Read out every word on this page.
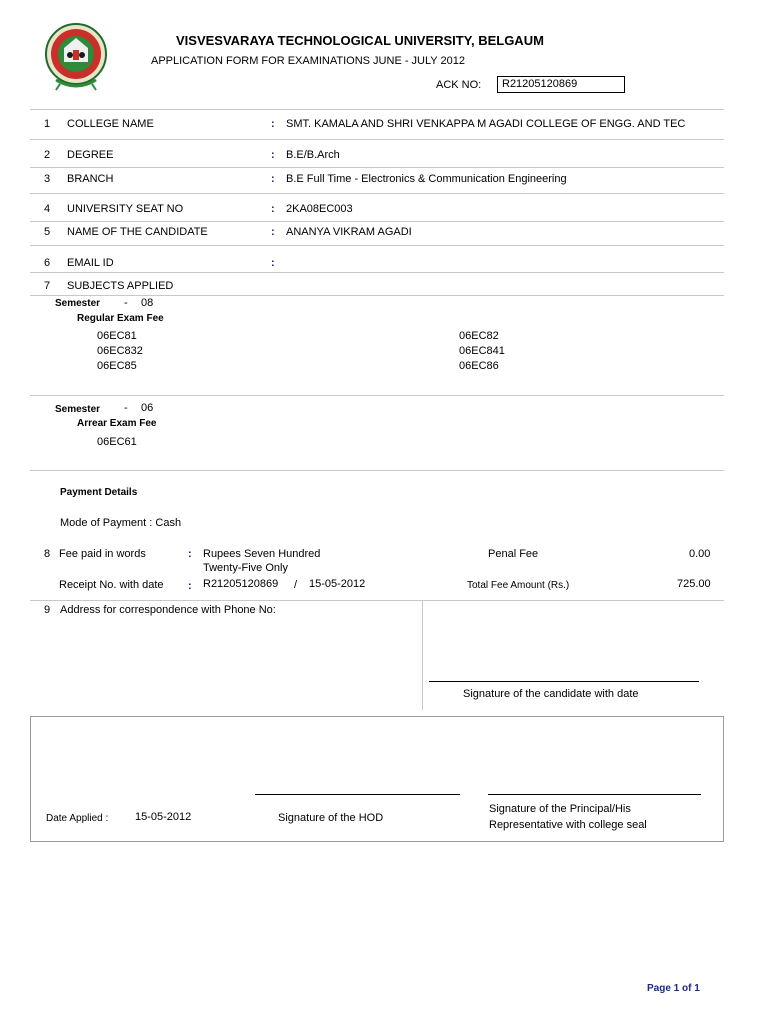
VISVESVARAYA TECHNOLOGICAL UNIVERSITY, BELGAUM
APPLICATION FORM FOR EXAMINATIONS JUNE - JULY 2012
ACK NO:	R21205120869
1 COLLEGE NAME	: SMT. KAMALA AND SHRI VENKAPPA M AGADI COLLEGE OF ENGG. AND TEC
2 DEGREE	: B.E/B.Arch
3 BRANCH	: B.E Full Time - Electronics & Communication Engineering
4 UNIVERSITY SEAT NO	: 2KA08EC003
5 NAME OF THE CANDIDATE	: ANANYA VIKRAM AGADI
6 EMAIL ID	:
7 SUBJECTS APPLIED
Semester - 08
Regular Exam Fee
06EC81	06EC82
06EC832	06EC841
06EC85	06EC86
Semester - 06
Arrear Exam Fee
06EC61
Payment Details
Mode of Payment : Cash
8 Fee paid in words	: Rupees Seven Hundred
Twenty-Five Only
Penal Fee	0.00
Receipt No. with date : R21205120869 / 15-05-2012	Total Fee Amount (Rs.)	725.00
9 Address for correspondence with Phone No:
Signature of the candidate with date
Date Applied : 15-05-2012	Signature of the HOD
Signature of the Principal/His
Representative with college seal
Page 1 of 1
